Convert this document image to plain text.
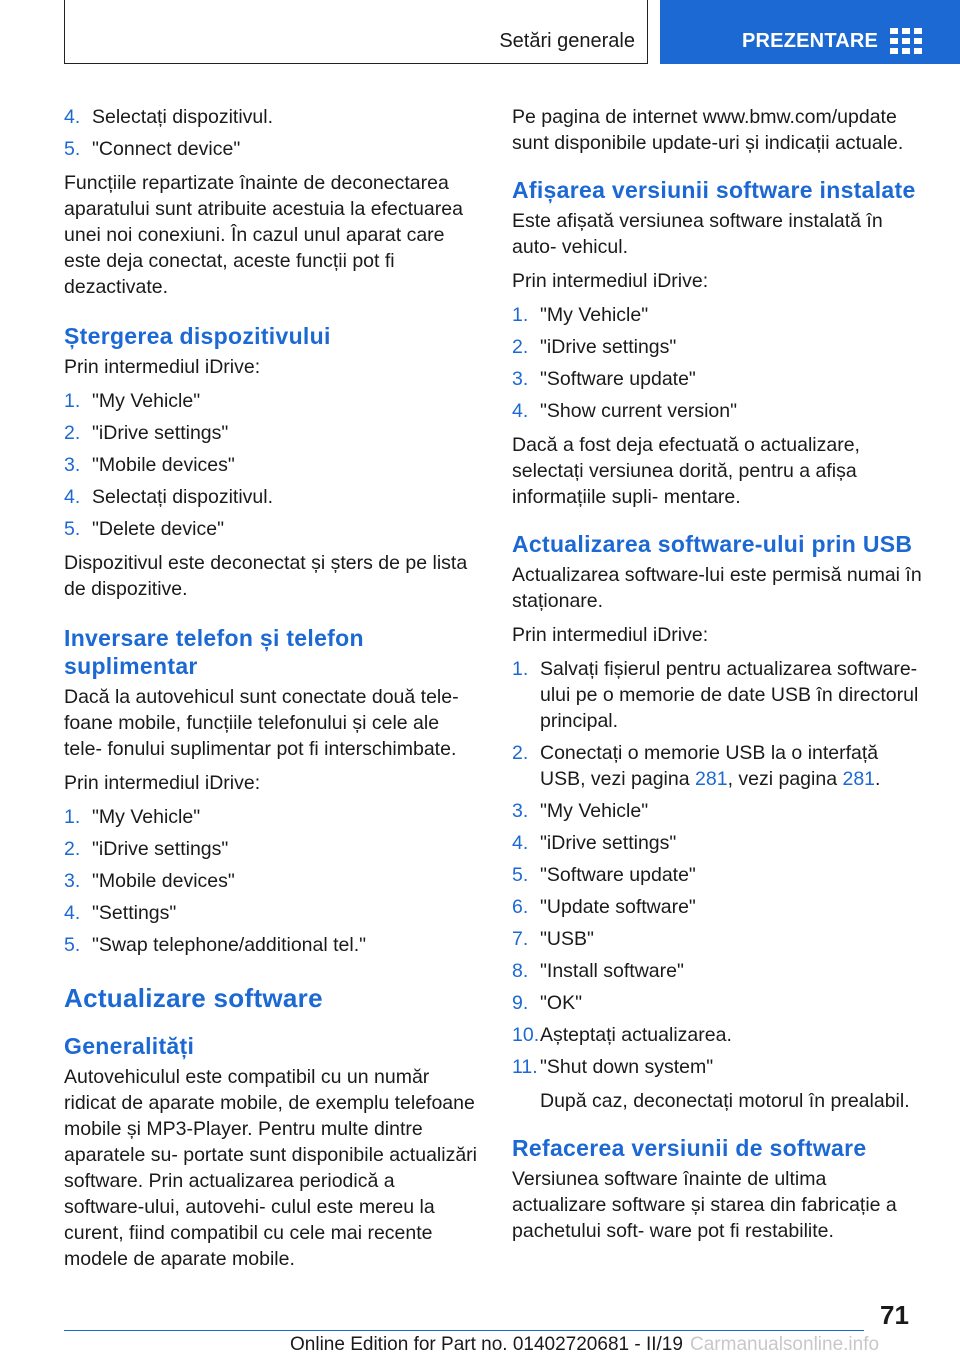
Setări generale	PREZENTARE
4. Selectați dispozitivul.
5. "Connect device"

Funcțiile repartizate înainte de deconectarea aparatului sunt atribuite acestuia la efectuarea unei noi conexiuni. În cazul unul aparat care este deja conectat, aceste funcții pot fi dezactivate.

Ștergerea dispozitivului

Prin intermediul iDrive:

1. "My Vehicle"
2. "iDrive settings"
3. "Mobile devices"
4. Selectați dispozitivul.
5. "Delete device"

Dispozitivul este deconectat și șters de pe lista de dispozitive.

Inversare telefon și telefon suplimentar

Dacă la autovehicul sunt conectate două tele‐ foane mobile, funcțiile telefonului și cele ale tele‐ fonului suplimentar pot fi interschimbate.

Prin intermediul iDrive:

1. "My Vehicle"
2. "iDrive settings"
3. "Mobile devices"
4. "Settings"
5. "Swap telephone/additional tel."
Actualizare software
Generalități

Autovehiculul este compatibil cu un număr ridicat de aparate mobile, de exemplu telefoane mobile și MP3-Player. Pentru multe dintre aparatele su‐ portate sunt disponibile actualizări software. Prin actualizarea periodică a software-ului, autovehi‐ culul este mereu la curent, fiind compatibil cu cele mai recente modele de aparate mobile.

Pe pagina de internet www.bmw.com/update sunt disponibile update-uri și indicații actuale.

Afișarea versiunii software instalate

Este afișată versiunea software instalată în auto‐ vehicul.

Prin intermediul iDrive:

1. "My Vehicle"
2. "iDrive settings"
3. "Software update"
4. "Show current version"

Dacă a fost deja efectuată o actualizare, selectați versiunea dorită, pentru a afișa informațiile supli‐ mentare.

Actualizarea software-ului prin USB

Actualizarea software-lui este permisă numai în staționare.

Prin intermediul iDrive:

1. Salvați fișierul pentru actualizarea software- ului pe o memorie de date USB în directorul principal.
2. Conectați o memorie USB la o interfață USB, vezi pagina 281, vezi pagina 281.
3. "My Vehicle"
4. "iDrive settings"
5. "Software update"
6. "Update software"
7. "USB"
8. "Install software"
9. "OK"
10. Așteptați actualizarea.
11. "Shut down system"

După caz, deconectați motorul în prealabil.

Refacerea versiunii de software

Versiunea software înainte de ultima actualizare software și starea din fabricație a pachetului soft‐ ware pot fi restabilite.

71
Online Edition for Part no. 01402720681 - II/19 Carmanualsonline.info
